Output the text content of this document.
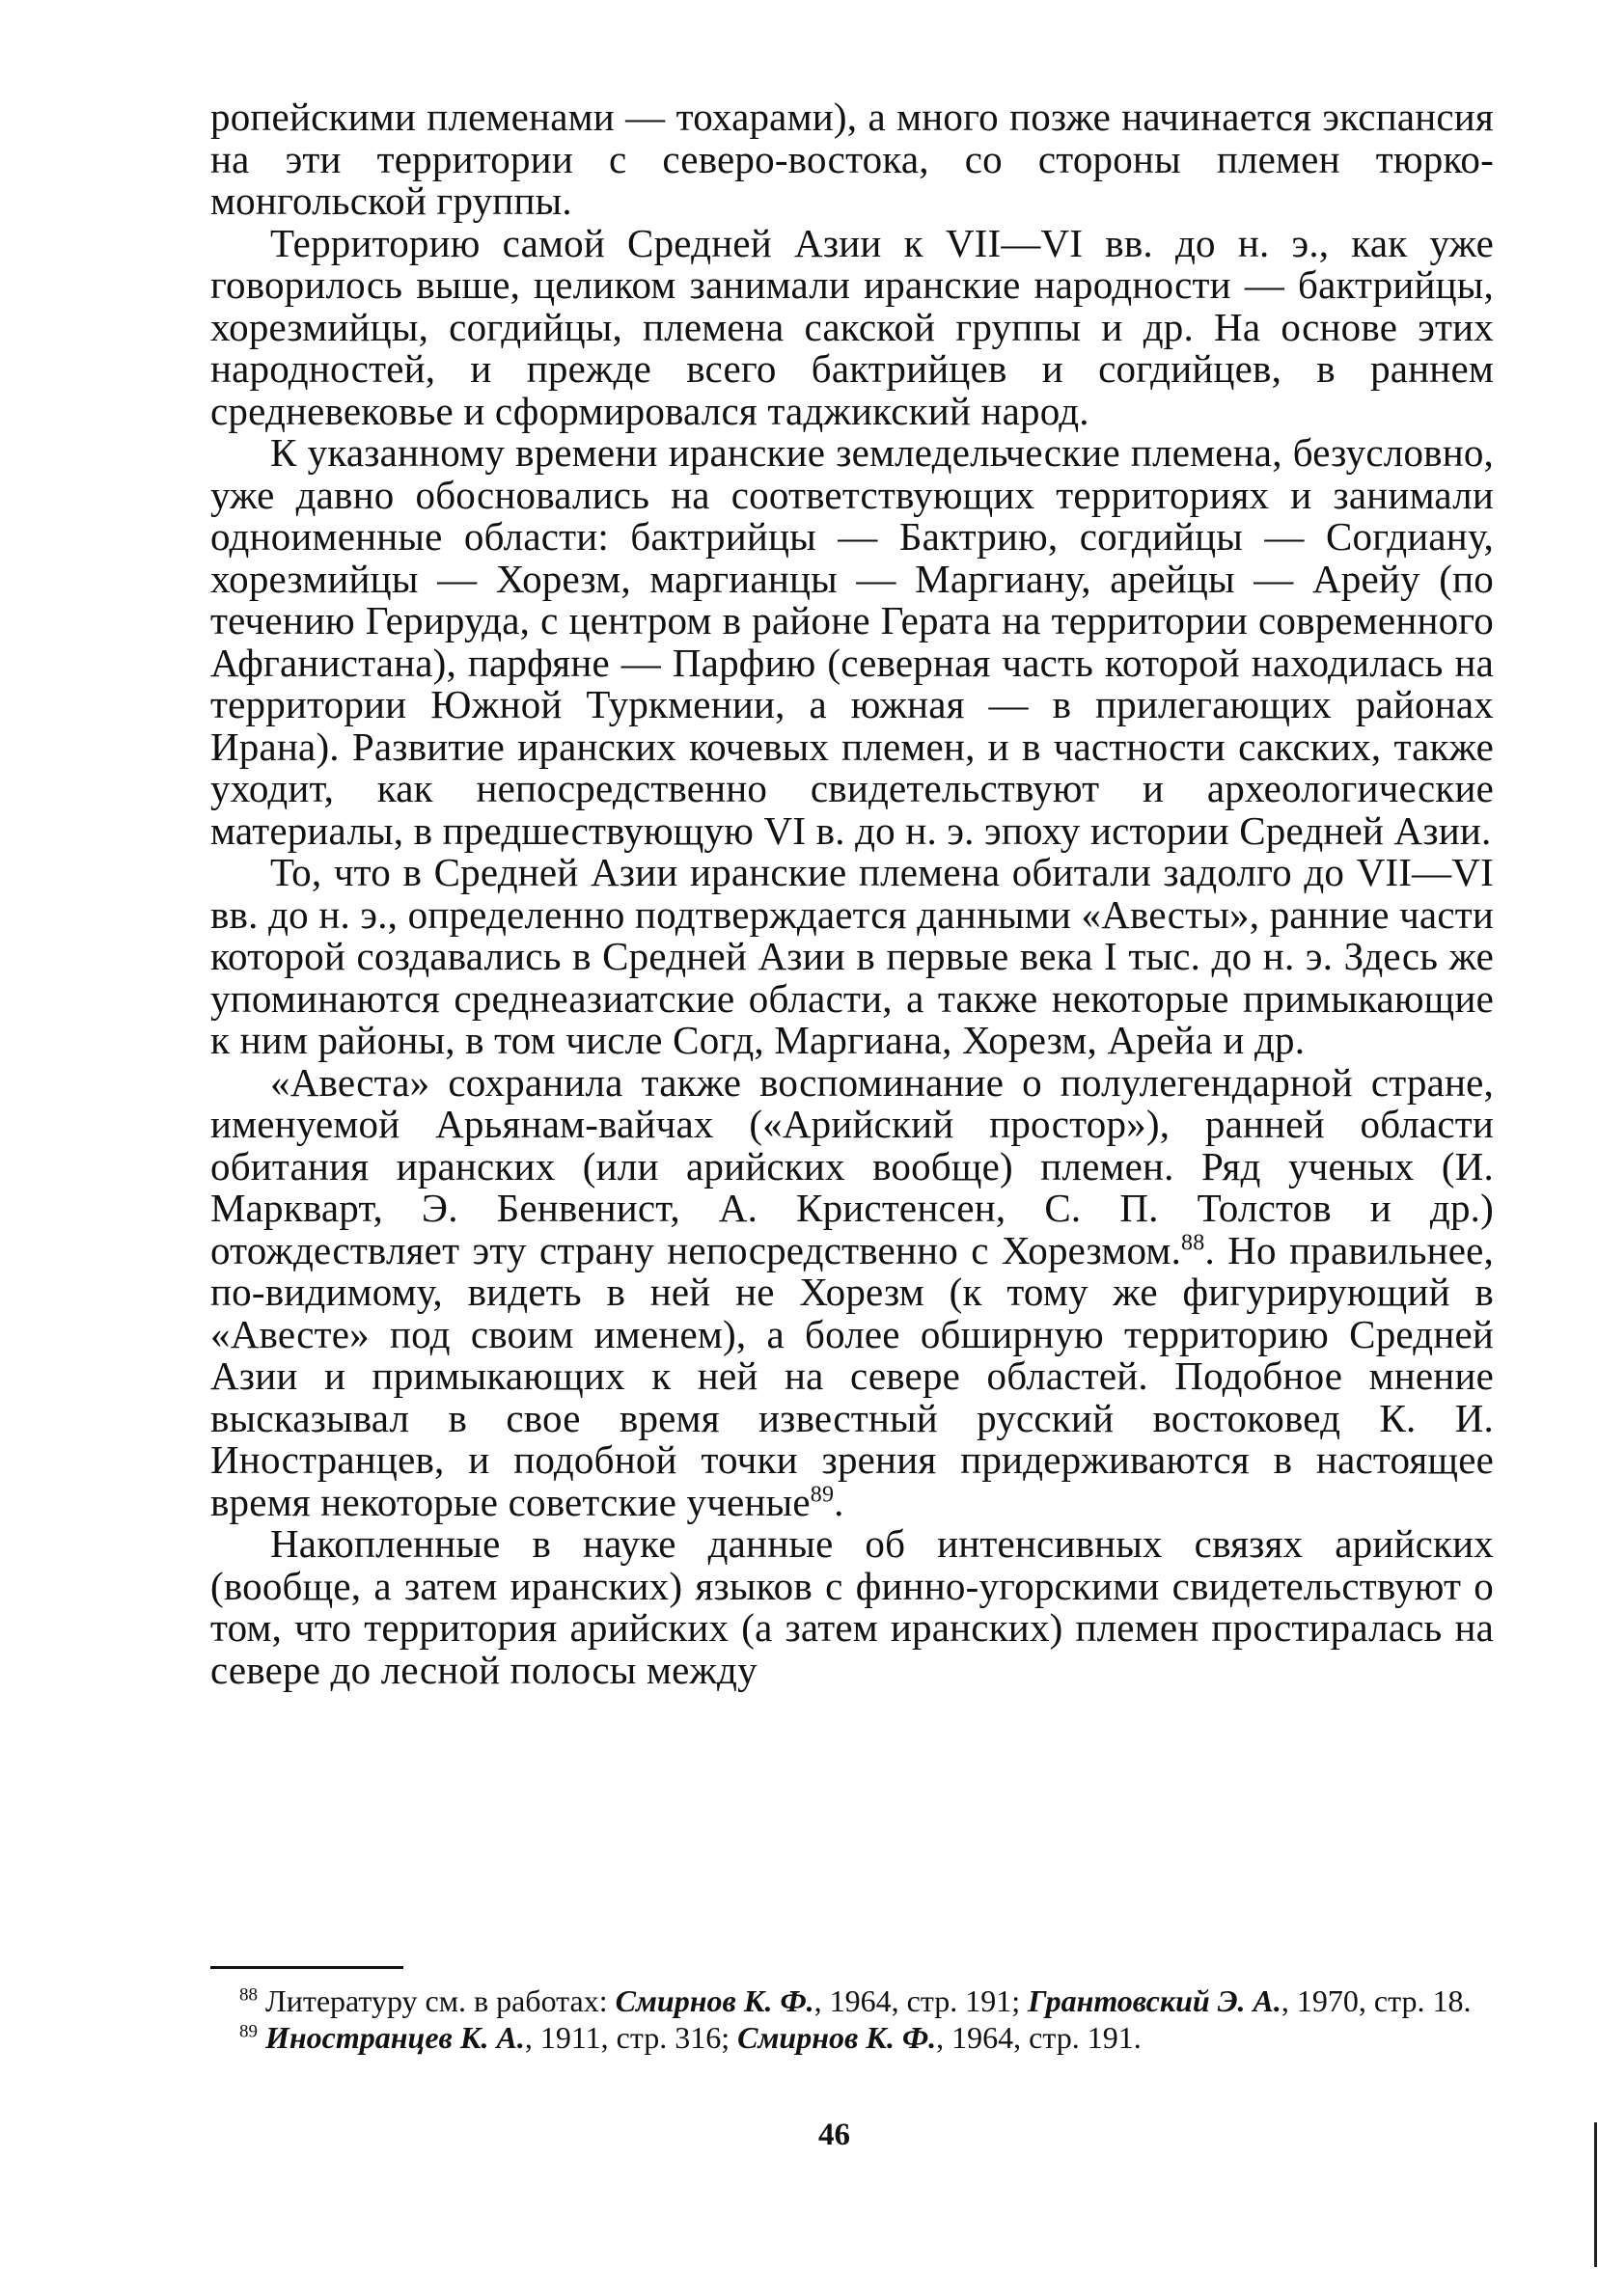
ропейскими племенами — тохарами), а много позже начинается экспансия на эти территории с северо-востока, со стороны племен тюрко-монгольской группы.

Территорию самой Средней Азии к VII—VI вв. до н. э., как уже говорилось выше, целиком занимали иранские народности — бактрийцы, хорезмийцы, согдийцы, племена сакской группы и др. На основе этих народностей, и прежде всего бактрийцев и согдийцев, в раннем средневековье и сформировался таджикский народ.

К указанному времени иранские земледельческие племена, безусловно, уже давно обосновались на соответствующих территориях и занимали одноименные области: бактрийцы — Бактрию, согдийцы — Согдиану, хорезмийцы — Хорезм, маргианцы — Маргиану, арейцы — Арейу (по течению Герируда, с центром в районе Герата на территории современного Афганистана), парфяне — Парфию (северная часть которой находилась на территории Южной Туркмении, а южная — в прилегающих районах Ирана). Развитие иранских кочевых племен, и в частности сакских, также уходит, как непосредственно свидетельствуют и археологические материалы, в предшествующую VI в. до н. э. эпоху истории Средней Азии.

То, что в Средней Азии иранские племена обитали задолго до VII—VI вв. до н. э., определенно подтверждается данными «Авесты», ранние части которой создавались в Средней Азии в первые века I тыс. до н. э. Здесь же упоминаются среднеазиатские области, а также некоторые примыкающие к ним районы, в том числе Согд, Маргиана, Хорезм, Арейа и др.

«Авеста» сохранила также воспоминание о полулегендарной стране, именуемой Арьянам-вайчах («Арийский простор»), ранней области обитания иранских (или арийских вообще) племен. Ряд ученых (И. Маркварт, Э. Бенвенист, А. Кристенсен, С. П. Толстов и др.) отождествляет эту страну непосредственно с Хорезмом.$^{88}$. Но правильнее, по-видимому, видеть в ней не Хорезм (к тому же фигурирующий в «Авесте» под своим именем), а более обширную территорию Средней Азии и примыкающих к ней на севере областей. Подобное мнение высказывал в свое время известный русский востоковед К. И. Иностранцев, и подобной точки зрения придерживаются в настоящее время некоторые советские ученые$^{89}$.

Накопленные в науке данные об интенсивных связях арийских (вообще, а затем иранских) языков с финно-угорскими свидетельствуют о том, что территория арийских (а затем иранских) племен простиралась на севере до лесной полосы между

$^{88}$ Литературу см. в работах: Смирнов К. Ф., 1964, стр. 191; Грантовский Э. А., 1970, стр. 18.

$^{89}$ Иностранцев К. А., 1911, стр. 316; Смирнов К. Ф., 1964, стр. 191.

46
